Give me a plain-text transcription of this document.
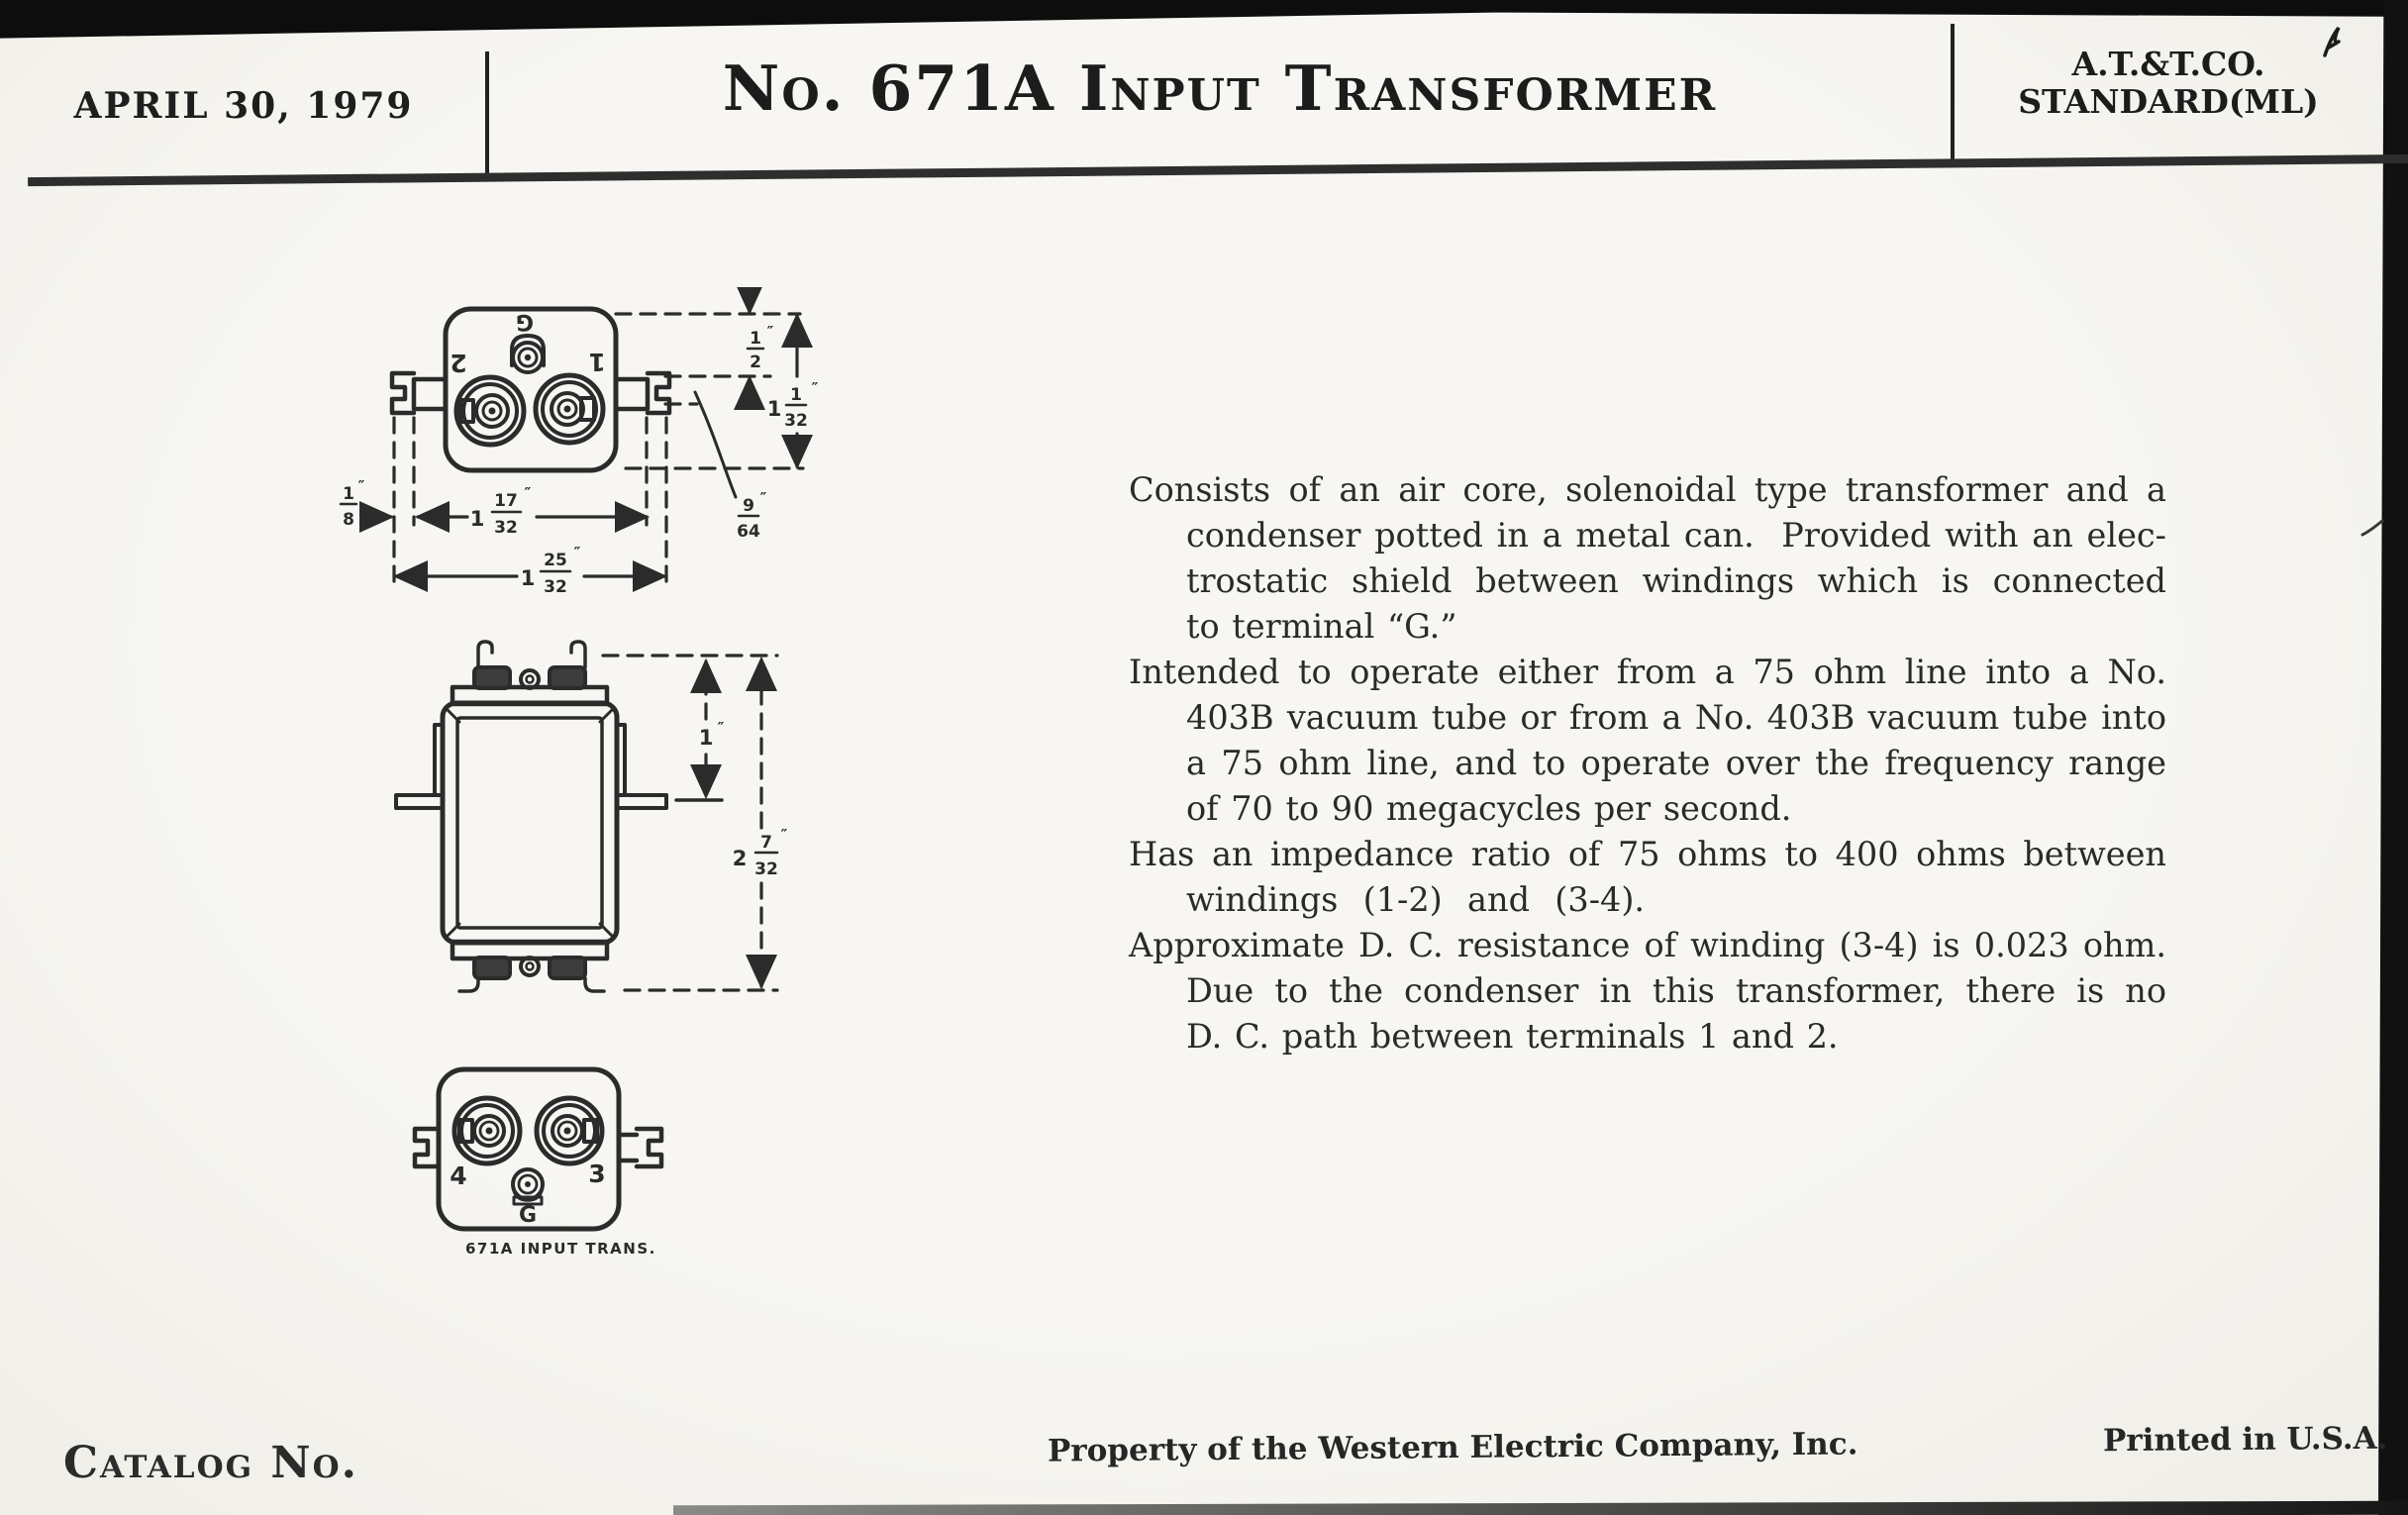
APRIL 30, 1979	No. 671A Input Transformer	A.T.&T.CO.
STANDARD(ML)
2	1
G
1
2
″
1
1
32
″
1
17
32
″
1
25
32
″
9
64
″
1
8
″
1 ″
2
7
32
″
4	3
G
671A INPUT TRANS.
Consists of an air core, solenoidal type transformer and a
condenser potted in a metal can.  Provided with an elec-
trostatic shield between windings which is connected
to terminal “G.”
Intended to operate either from a 75 ohm line into a No.
403B vacuum tube or from a No. 403B vacuum tube into
a 75 ohm line, and to operate over the frequency range
of 70 to 90 megacycles per second.
Has an impedance ratio of 75 ohms to 400 ohms between
windings  (1-2)  and  (3-4).
Approximate D. C. resistance of winding (3-4) is 0.023 ohm.
Due to the condenser in this transformer, there is no
D. C. path between terminals 1 and 2.
Catalog No.	Property of the Western Electric Company, Inc.	Printed in U.S.A.
